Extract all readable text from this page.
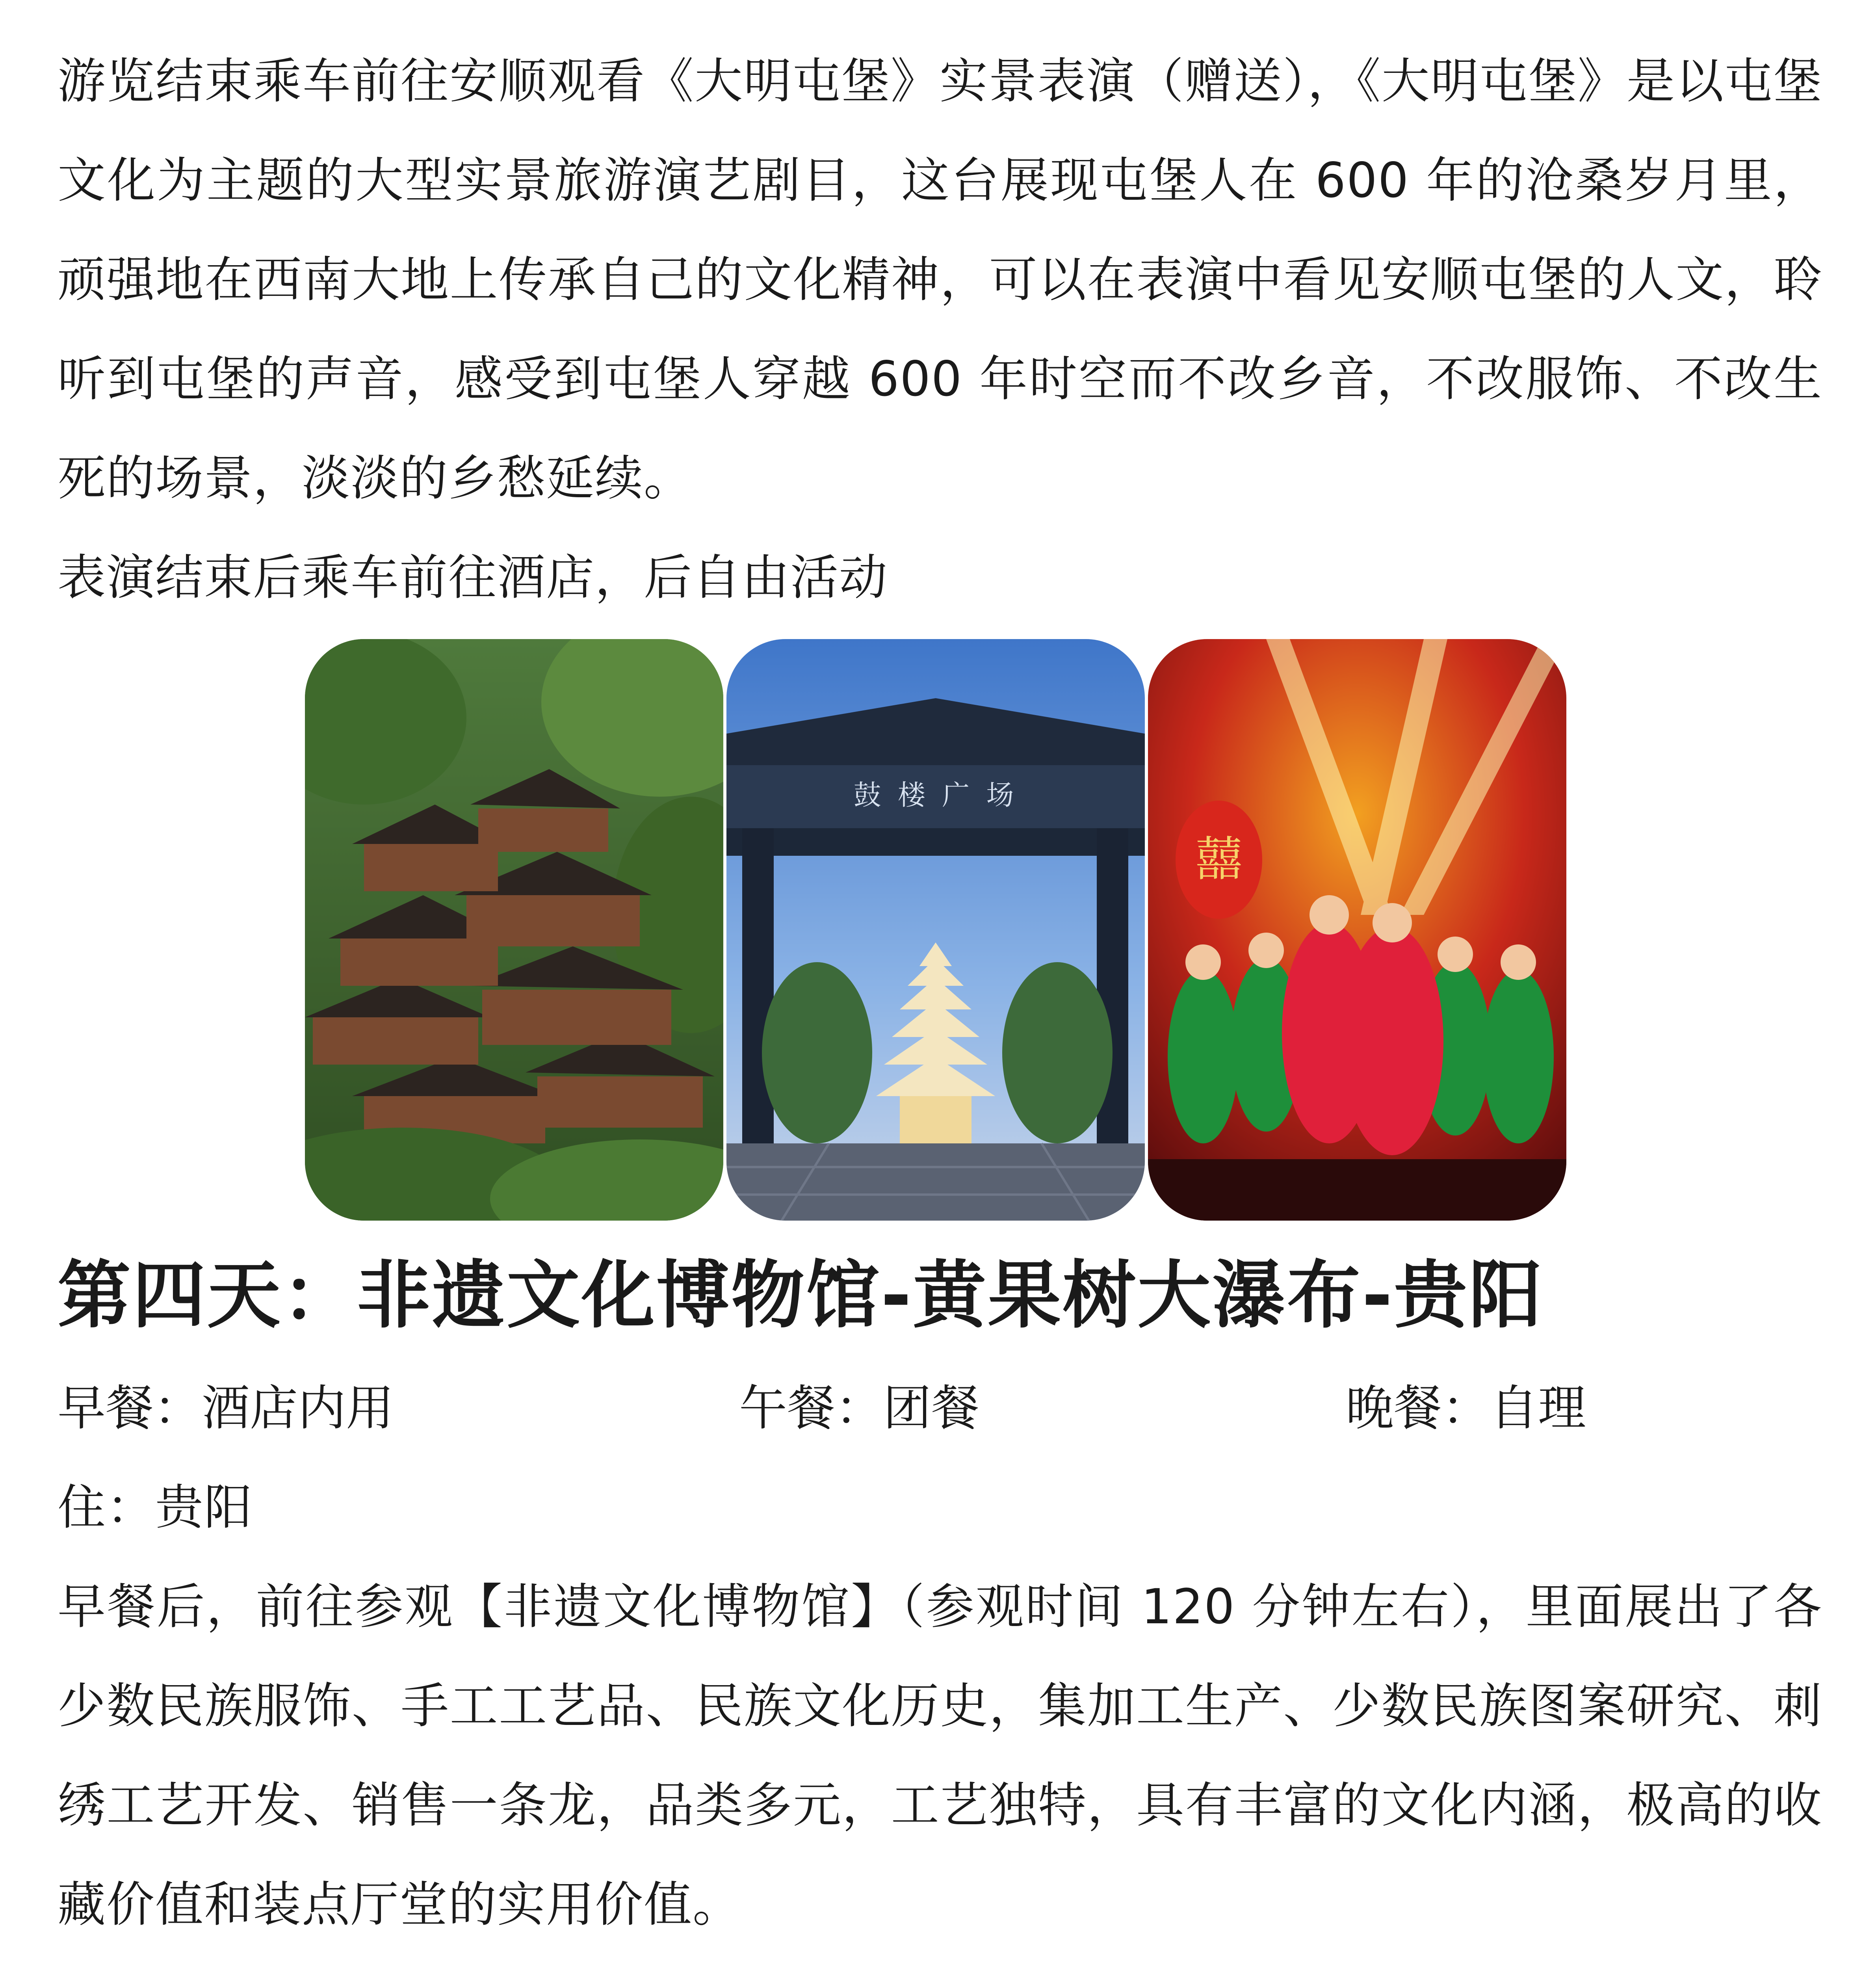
游览结束乘车前往安顺观看《大明屯堡》实景表演（赠送），《大明屯堡》是以屯堡文化为主题的大型实景旅游演艺剧目，这台展现屯堡人在 600 年的沧桑岁月里，顽强地在西南大地上传承自己的文化精神，可以在表演中看见安顺屯堡的人文，聆听到屯堡的声音，感受到屯堡人穿越 600 年时空而不改乡音，不改服饰、不改生死的场景，淡淡的乡愁延续。

表演结束后乘车前往酒店，后自由活动

鼓 楼 广 场
囍
第四天：非遗文化博物馆-黄果树大瀑布-贵阳
早餐：酒店内用	午餐：团餐	晚餐：自理

住：贵阳

早餐后，前往参观【非遗文化博物馆】（参观时间 120 分钟左右），里面展出了各少数民族服饰、手工工艺品、民族文化历史，集加工生产、少数民族图案研究、刺绣工艺开发、销售一条龙，品类多元，工艺独特，具有丰富的文化内涵，极高的收藏价值和装点厅堂的实用价值。
